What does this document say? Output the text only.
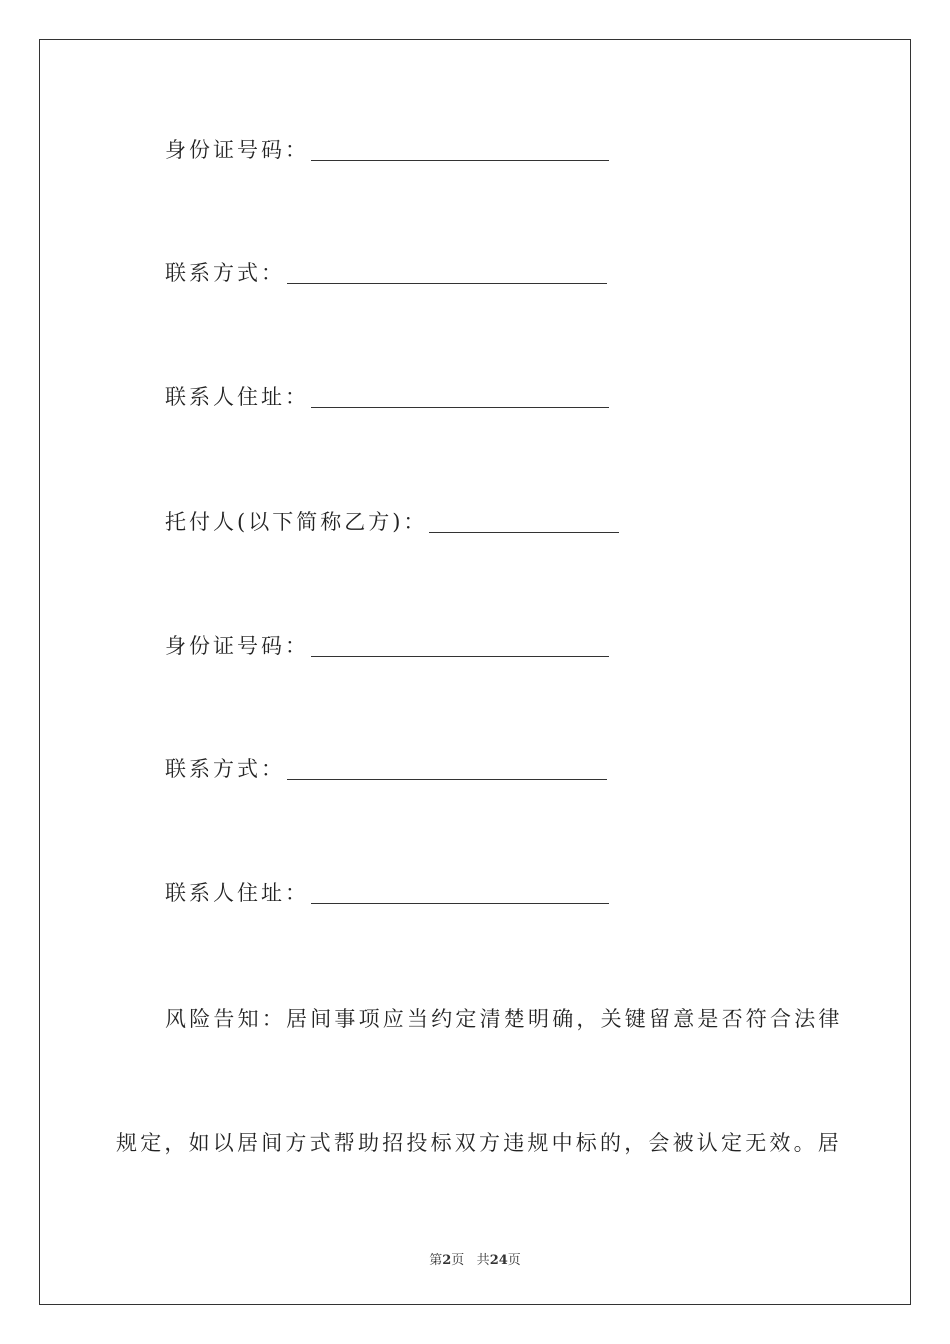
身份证号码：
联系方式：
联系人住址：
托付人(以下简称乙方)：
身份证号码：
联系方式：
联系人住址：
风险告知：居间事项应当约定清楚明确，关键留意是否符合法律
规定，如以居间方式帮助招投标双方违规中标的，会被认定无效。居
第2页 共24页
